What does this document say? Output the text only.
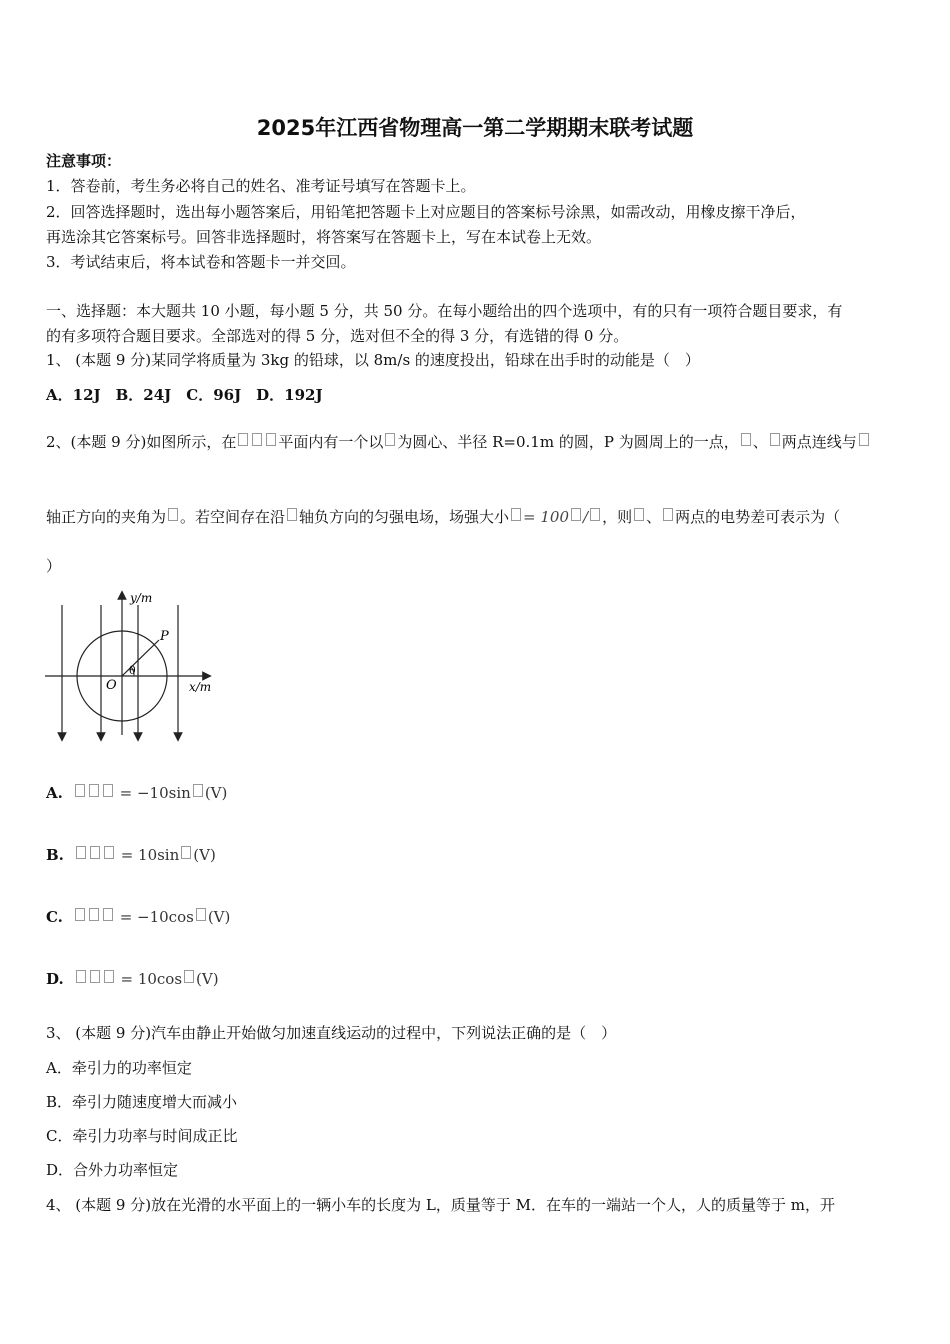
2025年江西省物理高一第二学期期末联考试题
注意事项：
1．答卷前，考生务必将自己的姓名、准考证号填写在答题卡上。
2．回答选择题时，选出每小题答案后，用铅笔把答题卡上对应题目的答案标号涂黑，如需改动，用橡皮擦干净后，
再选涂其它答案标号。回答非选择题时，将答案写在答题卡上，写在本试卷上无效。
3．考试结束后，将本试卷和答题卡一并交回。
一、选择题：本大题共 10 小题，每小题 5 分，共 50 分。在每小题给出的四个选项中，有的只有一项符合题目要求，有
的有多项符合题目要求。全部选对的得 5 分，选对但不全的得 3 分，有选错的得 0 分。
1、 (本题 9 分)某同学将质量为 3kg 的铅球，以 8m/s 的速度投出，铅球在出手时的动能是（　）
A．12J　B．24J　C．96J　D．192J
2、(本题 9 分)如图所示，在	平面内有一个以 为圆心、半径 R=0.1m 的圆，P 为圆周上的一点， 、 两点连线与
轴正方向的夹角为 。若空间存在沿 轴负方向的匀强电场，场强大小 = 100 / ，则 、 两点的电势差可表示为（
）
y/m
x/m
O
P
θ
A.	= −10sin (V)
B.	= 10sin (V)
C.	= −10cos (V)
D.	= 10cos (V)
3、 (本题 9 分)汽车由静止开始做匀加速直线运动的过程中，下列说法正确的是（　）
A．牵引力的功率恒定
B．牵引力随速度增大而减小
C．牵引力功率与时间成正比
D．合外力功率恒定
4、 (本题 9 分)放在光滑的水平面上的一辆小车的长度为 L，质量等于 M．在车的一端站一个人，人的质量等于 m，开
